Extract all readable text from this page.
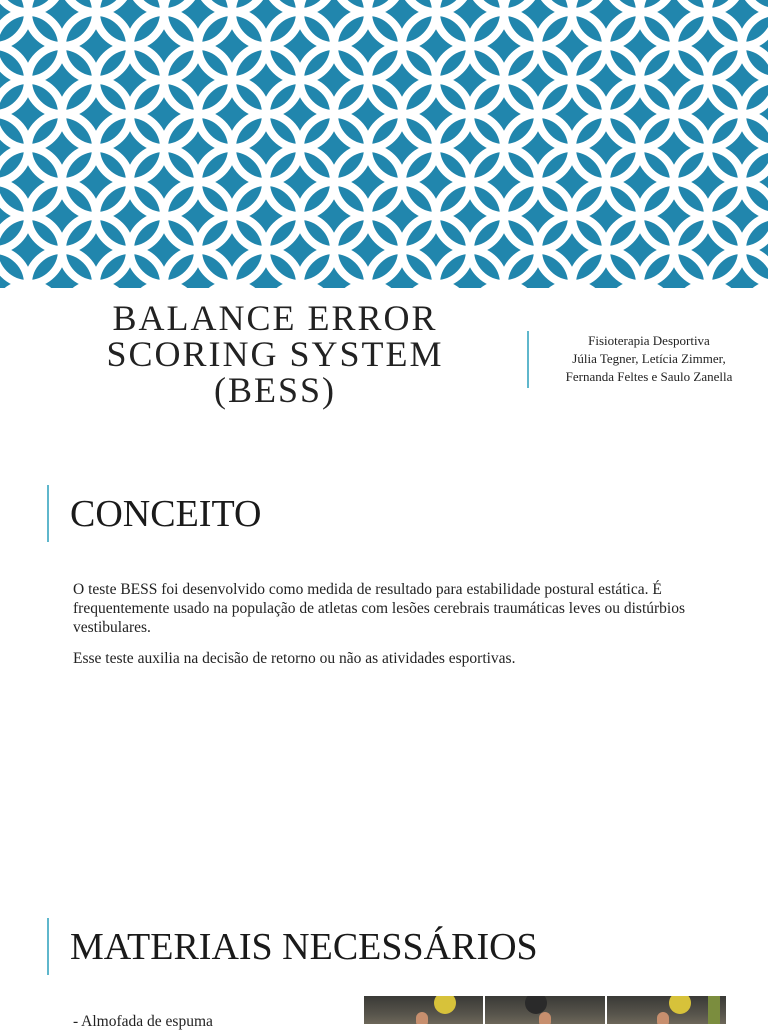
BALANCE ERROR
SCORING SYSTEM
(BESS)
Fisioterapia Desportiva
Júlia Tegner, Letícia Zimmer,
Fernanda Feltes e Saulo Zanella
CONCEITO

O teste BESS foi desenvolvido como medida de resultado para estabilidade postural estática. É frequentemente usado na população de atletas com lesões cerebrais traumáticas leves ou distúrbios vestibulares.

Esse teste auxilia na decisão de retorno ou não as atividades esportivas.

MATERIAIS NECESSÁRIOS
- Almofada de espuma
